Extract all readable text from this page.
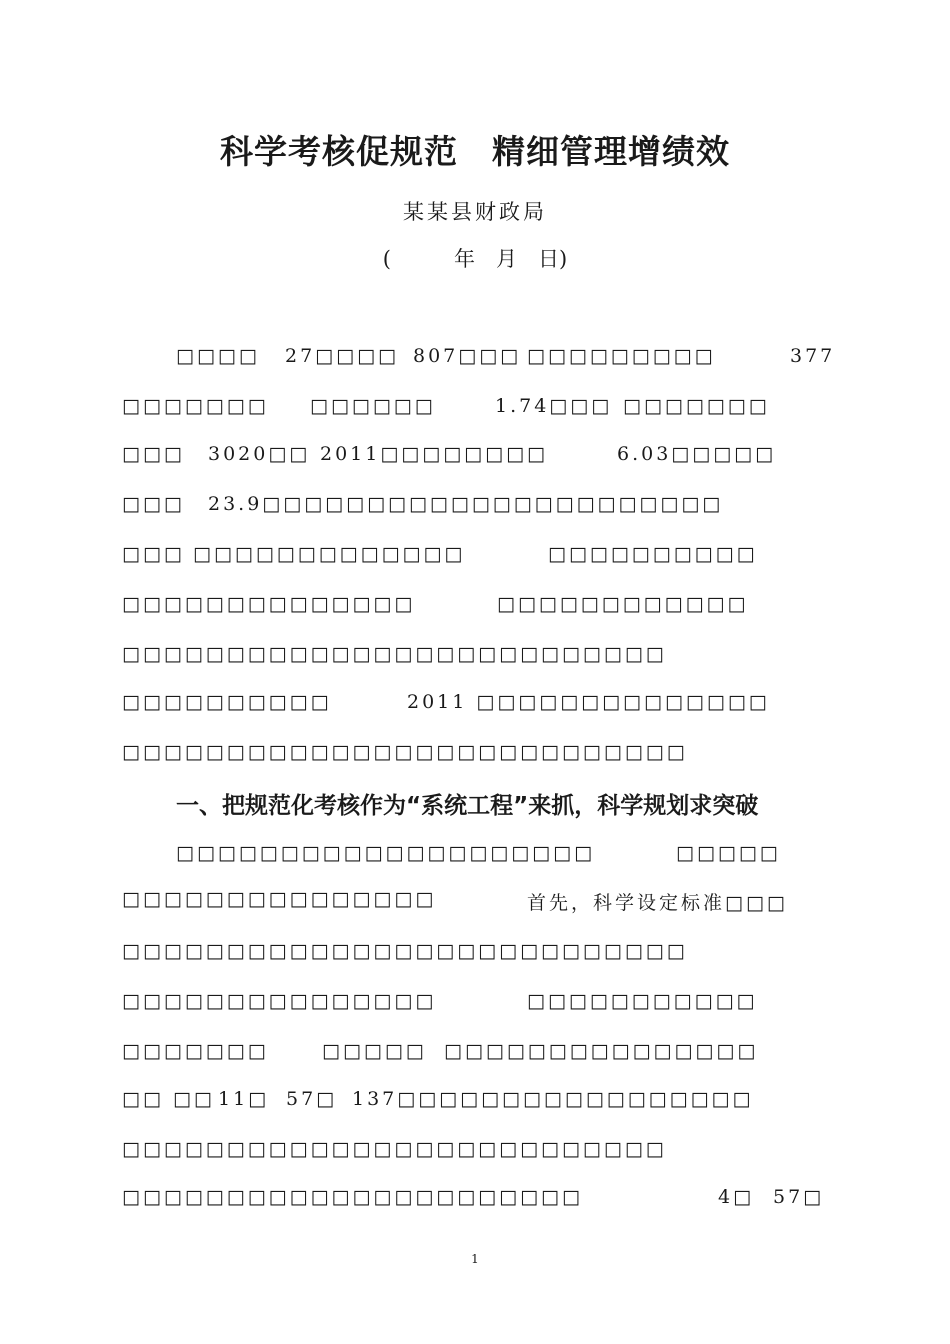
科学考核促规范　精细管理增绩效
某某县财政局
(　　　年　月　日)
□□□□ 27□□□□ 807□□□ □□□□□□□□□	377
□□□□□□□ □□□□□□	1.74□□□ □□□□□□□
□□□ 3020□□ 2011□□□□□□□□	6.03□□□□□
□□□ 23.9□□□□□□□□□□□□□□□□□□□□□□
□□□ □□□□□□□□□□□□□	□□□□□□□□□□
□□□□□□□□□□□□□□	□□□□□□□□□□□□
□□□□□□□□□□□□□□□□□□□□□□□□□□
□□□□□□□□□□	2011 □□□□□□□□□□□□□□
□□□□□□□□□□□□□□□□□□□□□□□□□□□
□□□□□□□□□□□□□□□□□□□□	□□□□□
□□□□□□□□□□□□□□□	首先，科学设定标准□□□
□□□□□□□□□□□□□□□□□□□□□□□□□□□
□□□□□□□□□□□□□□□	□□□□□□□□□□□
□□□□□□□	□□□□□ □□□□□□□□□□□□□□□
□□ □□ 11□ 57□ 137□□□□□□□□□□□□□□□□□
□□□□□□□□□□□□□□□□□□□□□□□□□□
□□□□□□□□□□□□□□□□□□□□□□	4□ 57□
一、把规范化考核作为“系统工程”来抓，科学规划求突破
1
